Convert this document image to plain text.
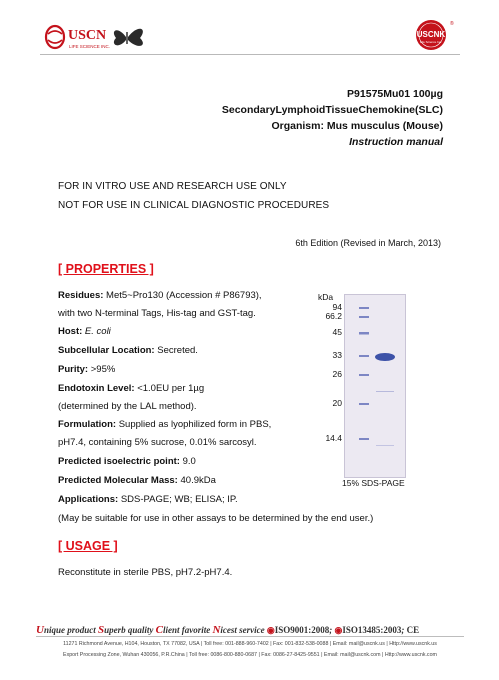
USCN
LIFE SCIENCE INC.
USCNK
Life Science Inc.
®
P91575Mu01 100µg
SecondaryLymphoidTissueChemokine(SLC)
Organism: Mus musculus (Mouse)
Instruction manual
FOR IN VITRO USE AND RESEARCH USE ONLY
NOT FOR USE IN CLINICAL DIAGNOSTIC PROCEDURES
6th Edition (Revised in March, 2013)
[ PROPERTIES ]
Residues: Met5~Pro130 (Accession # P86793),
with two N-terminal Tags, His-tag and GST-tag.
Host: E. coli
Subcellular Location: Secreted.
Purity: >95%
Endotoxin Level: <1.0EU per 1µg
(determined by the LAL method).
Formulation: Supplied as lyophilized form in PBS,
pH7.4, containing 5% sucrose, 0.01% sarcosyl.
Predicted isoelectric point: 9.0
Predicted Molecular Mass: 40.9kDa
Applications: SDS-PAGE; WB; ELISA; IP.
(May be suitable for use in other assays to be determined by the end user.)
kDa
94
66.2
45
33
26
20
14.4
15% SDS-PAGE
[ USAGE ]
Reconstitute in sterile PBS, pH7.2-pH7.4.
Unique product Superb quality Client favorite Nicest service ◉ISO9001:2008; ◉ISO13485:2003; CE
11271 Richmond Avenue, H104, Houston, TX 77082, USA | Toll free: 001-888-960-7402 | Fax: 001-832-538-0088 | Email: mail@uscnk.us | Http://www.uscnk.us
Export Processing Zone, Wuhan 430056, P.R.China | Toll free: 0086-800-880-0687 | Fax: 0086-27-8425-9551 | Email: mail@uscnk.com | Http://www.uscnk.com
